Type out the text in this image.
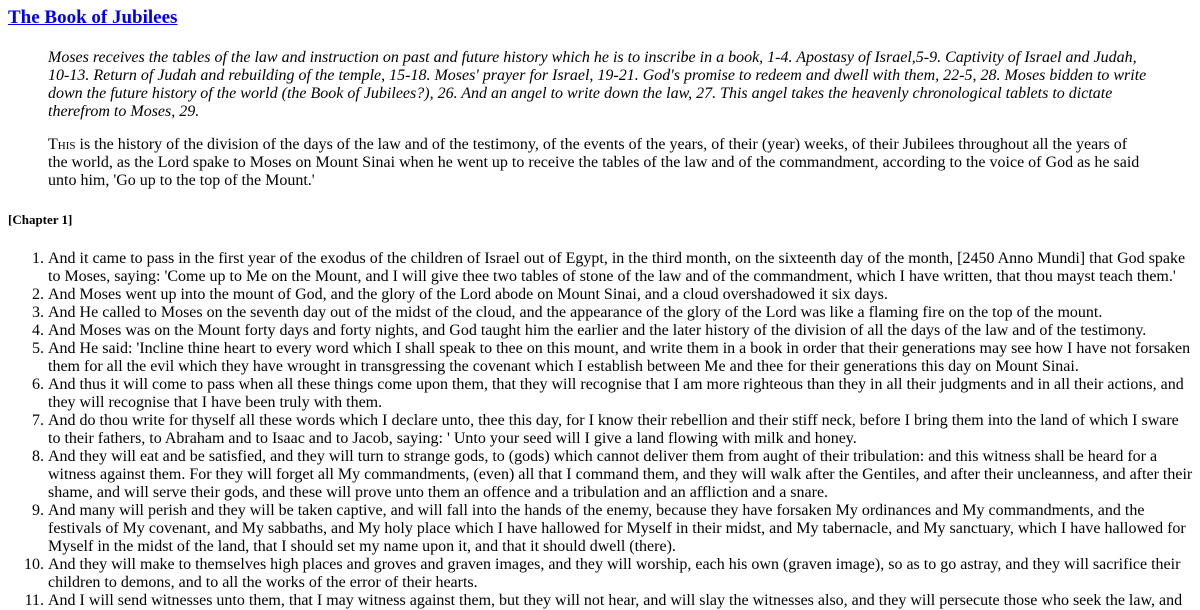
The Book of Jubilees

Moses receives the tables of the law and instruction on past and future history which he is to inscribe in a book, 1-4. Apostasy of Israel,5-9. Captivity of Israel and Judah, 10-13. Return of Judah and rebuilding of the temple, 15-18. Moses' prayer for Israel, 19-21. God's promise to redeem and dwell with them, 22-5, 28. Moses bidden to write down the future history of the world (the Book of Jubilees?), 26. And an angel to write down the law, 27. This angel takes the heavenly chronological tablets to dictate therefrom to Moses, 29.

This is the history of the division of the days of the law and of the testimony, of the events of the years, of their (year) weeks, of their Jubilees throughout all the years of the world, as the Lord spake to Moses on Mount Sinai when he went up to receive the tables of the law and of the commandment, according to the voice of God as he said unto him, 'Go up to the top of the Mount.'

[Chapter 1]
1. And it came to pass in the first year of the exodus of the children of Israel out of Egypt, in the third month, on the sixteenth day of the month, [2450 Anno Mundi] that God spake to Moses, saying: 'Come up to Me on the Mount, and I will give thee two tables of stone of the law and of the commandment, which I have written, that thou mayst teach them.'
2. And Moses went up into the mount of God, and the glory of the Lord abode on Mount Sinai, and a cloud overshadowed it six days.
3. And He called to Moses on the seventh day out of the midst of the cloud, and the appearance of the glory of the Lord was like a flaming fire on the top of the mount.
4. And Moses was on the Mount forty days and forty nights, and God taught him the earlier and the later history of the division of all the days of the law and of the testimony.
5. And He said: 'Incline thine heart to every word which I shall speak to thee on this mount, and write them in a book in order that their generations may see how I have not forsaken them for all the evil which they have wrought in transgressing the covenant which I establish between Me and thee for their generations this day on Mount Sinai.
6. And thus it will come to pass when all these things come upon them, that they will recognise that I am more righteous than they in all their judgments and in all their actions, and they will recognise that I have been truly with them.
7. And do thou write for thyself all these words which I declare unto, thee this day, for I know their rebellion and their stiff neck, before I bring them into the land of which I sware to their fathers, to Abraham and to Isaac and to Jacob, saying: ' Unto your seed will I give a land flowing with milk and honey.
8. And they will eat and be satisfied, and they will turn to strange gods, to (gods) which cannot deliver them from aught of their tribulation: and this witness shall be heard for a witness against them. For they will forget all My commandments, (even) all that I command them, and they will walk after the Gentiles, and after their uncleanness, and after their shame, and will serve their gods, and these will prove unto them an offence and a tribulation and an affliction and a snare.
9. And many will perish and they will be taken captive, and will fall into the hands of the enemy, because they have forsaken My ordinances and My commandments, and the festivals of My covenant, and My sabbaths, and My holy place which I have hallowed for Myself in their midst, and My tabernacle, and My sanctuary, which I have hallowed for Myself in the midst of the land, that I should set my name upon it, and that it should dwell (there).
10. And they will make to themselves high places and groves and graven images, and they will worship, each his own (graven image), so as to go astray, and they will sacrifice their children to demons, and to all the works of the error of their hearts.
11. And I will send witnesses unto them, that I may witness against them, but they will not hear, and will slay the witnesses also, and they will persecute those who seek the law, and
